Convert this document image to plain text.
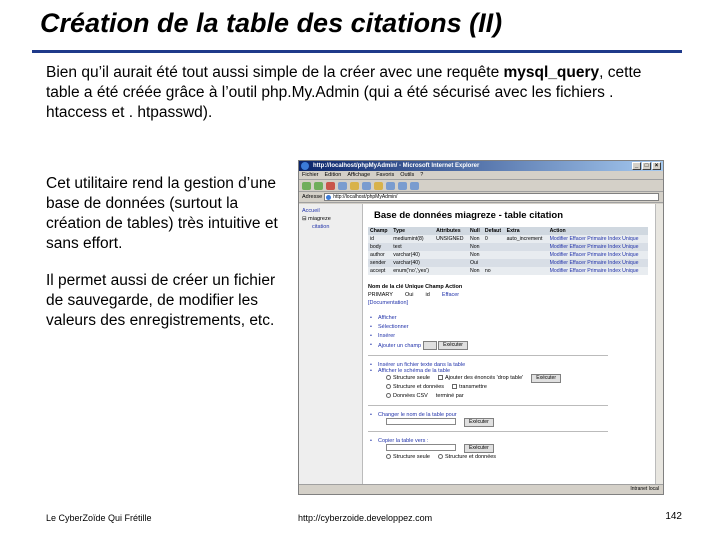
Création de la table des citations (II)
Bien qu’il aurait été tout aussi simple de la créer avec une requête mysql_query, cette table a été créée grâce à l’outil php.My.Admin (qui a été sécurisé avec les fichiers . htaccess et . htpasswd).
Cet utilitaire rend la gestion d’une base de données (surtout la création de tables) très intuitive et sans effort.
Il permet aussi de créer un fichier de sauvegarde, de modifier les valeurs des enregistrements, etc.
http://localhost/phpMyAdmin/ - Microsoft Internet Explorer	_	□	×
Fichier Edition Affichage Favoris Outils ?
Adresse	http://localhost/phpMyAdmin/
Accueil
⊟ miagreze
citation
Base de données miagreze - table citation
Champ	Type	Attributes	Null	Defaut	Extra	Action
id	mediumint(8)	UNSIGNED	Non	0	auto_increment	Modifier Effacer Primaire Index Unique
body	text		Non			Modifier Effacer Primaire Index Unique
author	varchar(40)		Non			Modifier Effacer Primaire Index Unique
sender	varchar(40)		Oui			Modifier Effacer Primaire Index Unique
accept	enum('no','yes')		Non	no		Modifier Effacer Primaire Index Unique
Nom de la clé Unique Champ Action
PRIMARY Oui id Effacer
[Documentation]
• Afficher
• Sélectionner
• Insérer
• Ajouter un champ	Exécuter
• Insérer un fichier texte dans la table
• Afficher le schéma de la table
Structure seule	Ajouter des énoncés 'drop table'	Exécuter
Structure et données	transmettre
Données CSV terminé par
• Changer le nom de la table pour
Exécuter
• Copier la table vers :
Exécuter
Structure seule	Structure et données
Intranet local
Le CyberZoïde Qui Frétille	http://cyberzoide.developpez.com	142
